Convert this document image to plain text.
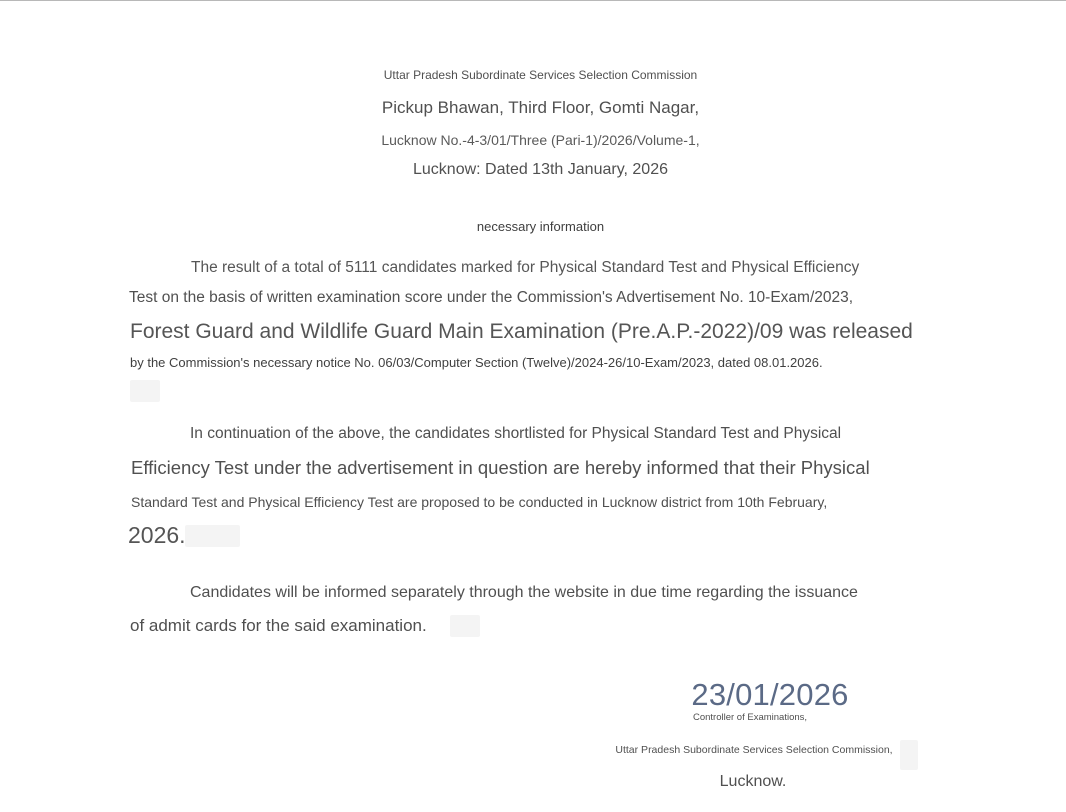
Uttar Pradesh Subordinate Services Selection Commission
Pickup Bhawan, Third Floor, Gomti Nagar,
Lucknow No.-4-3/01/Three (Pari-1)/2026/Volume-1,
Lucknow: Dated 13th January, 2026
necessary information
The result of a total of 5111 candidates marked for Physical Standard Test and Physical Efficiency
Test on the basis of written examination score under the Commission's Advertisement No. 10-Exam/2023,
Forest Guard and Wildlife Guard Main Examination (Pre.A.P.-2022)/09 was released
by the Commission's necessary notice No. 06/03/Computer Section (Twelve)/2024-26/10-Exam/2023, dated 08.01.2026.
In continuation of the above, the candidates shortlisted for Physical Standard Test and Physical
Efficiency Test under the advertisement in question are hereby informed that their Physical
Standard Test and Physical Efficiency Test are proposed to be conducted in Lucknow district from 10th February,
2026.
Candidates will be informed separately through the website in due time regarding the issuance
of admit cards for the said examination.
23/01/2026
Controller of Examinations,
Uttar Pradesh Subordinate Services Selection Commission,
Lucknow.
